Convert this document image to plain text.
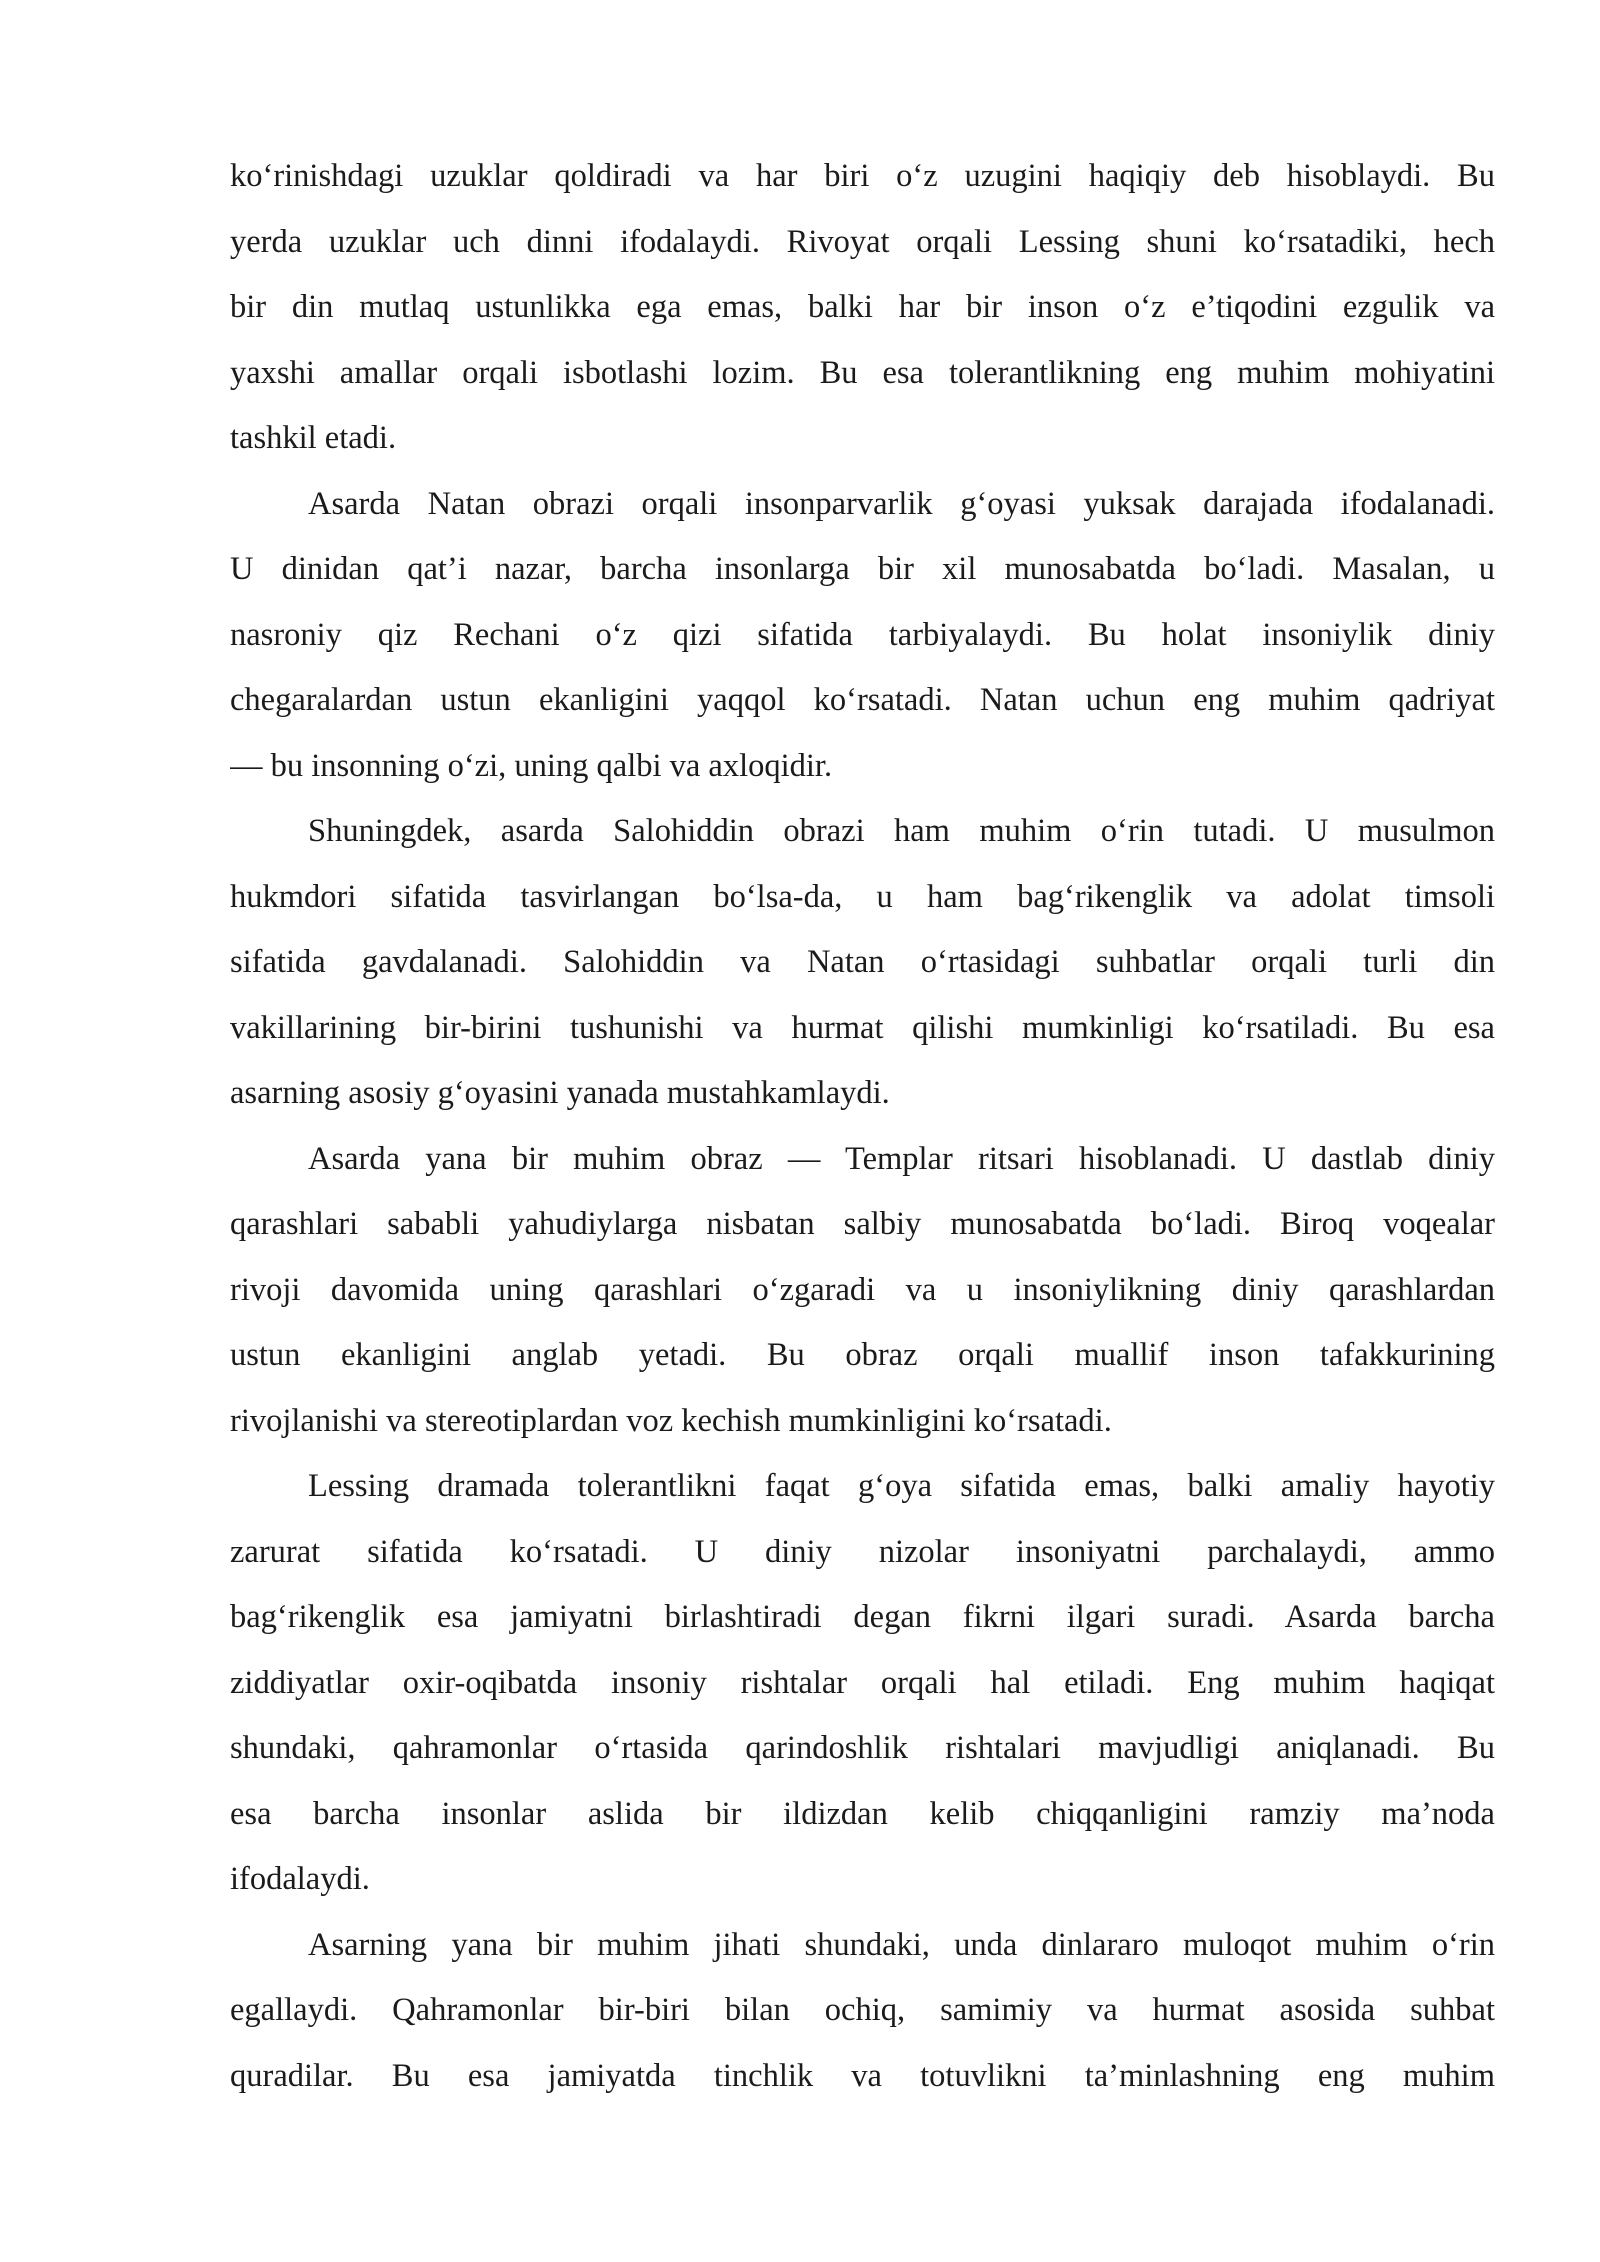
ko‘rinishdagi uzuklar qoldiradi va har biri o‘z uzugini haqiqiy deb hisoblaydi. Bu
yerda uzuklar uch dinni ifodalaydi. Rivoyat orqali Lessing shuni ko‘rsatadiki, hech
bir din mutlaq ustunlikka ega emas, balki har bir inson o‘z e’tiqodini ezgulik va
yaxshi amallar orqali isbotlashi lozim. Bu esa tolerantlikning eng muhim mohiyatini
tashkil etadi.
Asarda Natan obrazi orqali insonparvarlik g‘oyasi yuksak darajada ifodalanadi.
U dinidan qat’i nazar, barcha insonlarga bir xil munosabatda bo‘ladi. Masalan, u
nasroniy qiz Rechani o‘z qizi sifatida tarbiyalaydi. Bu holat insoniylik diniy
chegaralardan ustun ekanligini yaqqol ko‘rsatadi. Natan uchun eng muhim qadriyat
— bu insonning o‘zi, uning qalbi va axloqidir.
Shuningdek, asarda Salohiddin obrazi ham muhim o‘rin tutadi. U musulmon
hukmdori sifatida tasvirlangan bo‘lsa-da, u ham bag‘rikenglik va adolat timsoli
sifatida gavdalanadi. Salohiddin va Natan o‘rtasidagi suhbatlar orqali turli din
vakillarining bir-birini tushunishi va hurmat qilishi mumkinligi ko‘rsatiladi. Bu esa
asarning asosiy g‘oyasini yanada mustahkamlaydi.
Asarda yana bir muhim obraz — Templar ritsari hisoblanadi. U dastlab diniy
qarashlari sababli yahudiylarga nisbatan salbiy munosabatda bo‘ladi. Biroq voqealar
rivoji davomida uning qarashlari o‘zgaradi va u insoniylikning diniy qarashlardan
ustun ekanligini anglab yetadi. Bu obraz orqali muallif inson tafakkurining
rivojlanishi va stereotiplardan voz kechish mumkinligini ko‘rsatadi.
Lessing dramada tolerantlikni faqat g‘oya sifatida emas, balki amaliy hayotiy
zarurat sifatida ko‘rsatadi. U diniy nizolar insoniyatni parchalaydi, ammo
bag‘rikenglik esa jamiyatni birlashtiradi degan fikrni ilgari suradi. Asarda barcha
ziddiyatlar oxir-oqibatda insoniy rishtalar orqali hal etiladi. Eng muhim haqiqat
shundaki, qahramonlar o‘rtasida qarindoshlik rishtalari mavjudligi aniqlanadi. Bu
esa barcha insonlar aslida bir ildizdan kelib chiqqanligini ramziy ma’noda
ifodalaydi.
Asarning yana bir muhim jihati shundaki, unda dinlararo muloqot muhim o‘rin
egallaydi. Qahramonlar bir-biri bilan ochiq, samimiy va hurmat asosida suhbat
quradilar. Bu esa jamiyatda tinchlik va totuvlikni ta’minlashning eng muhim
